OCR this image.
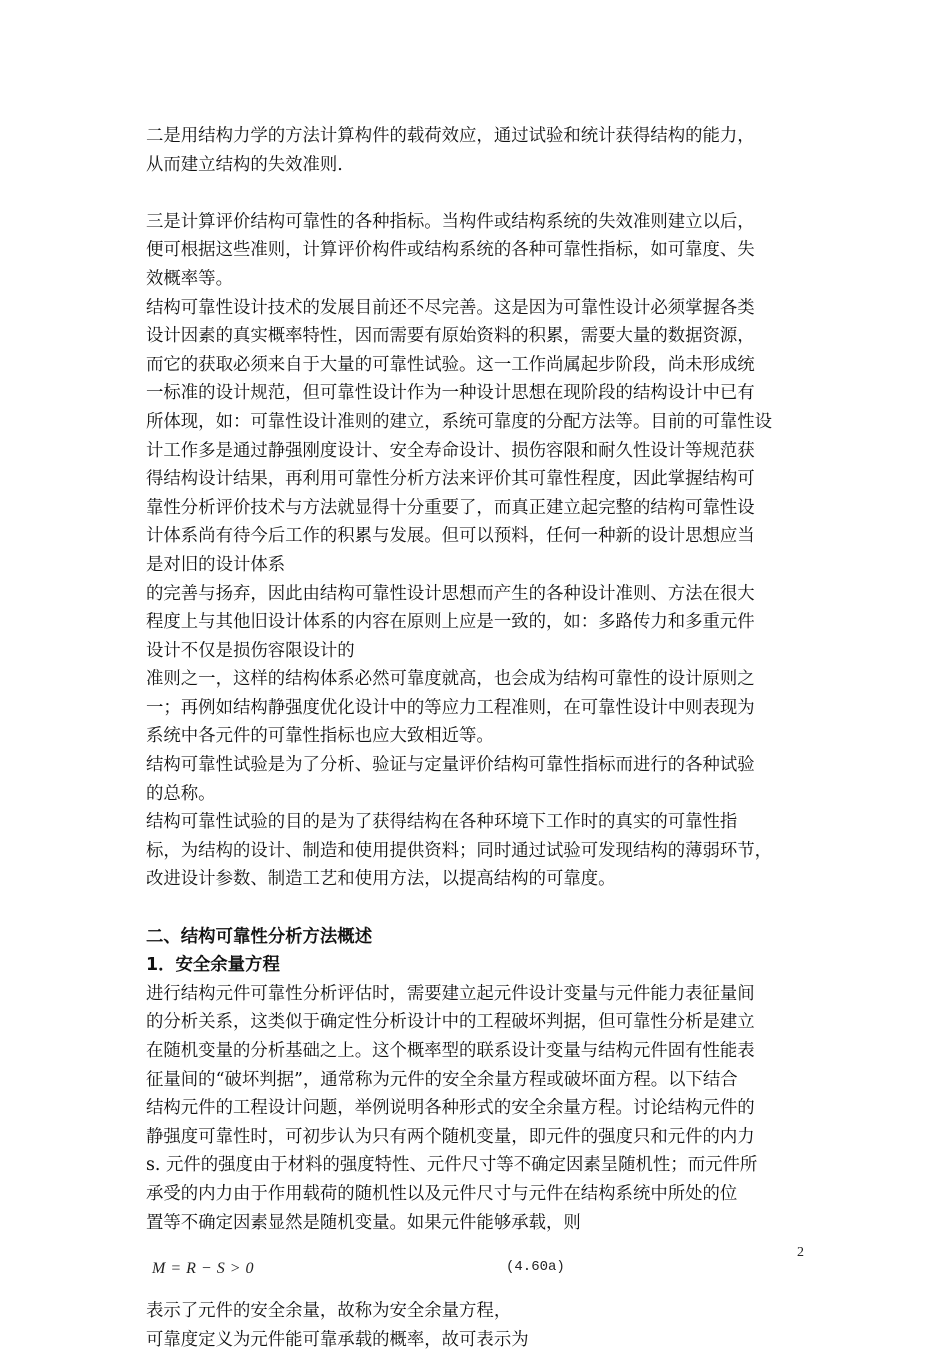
二是用结构力学的方法计算构件的载荷效应，通过试验和统计获得结构的能力，
从而建立结构的失效准则.
三是计算评价结构可靠性的各种指标。当构件或结构系统的失效准则建立以后，
便可根据这些准则，计算评价构件或结构系统的各种可靠性指标，如可靠度、失
效概率等。
结构可靠性设计技术的发展目前还不尽完善。这是因为可靠性设计必须掌握各类
设计因素的真实概率特性，因而需要有原始资料的积累，需要大量的数据资源，
而它的获取必须来自于大量的可靠性试验。这一工作尚属起步阶段，尚未形成统
一标准的设计规范，但可靠性设计作为一种设计思想在现阶段的结构设计中已有
所体现，如：可靠性设计准则的建立，系统可靠度的分配方法等。目前的可靠性设
计工作多是通过静强刚度设计、安全寿命设计、损伤容限和耐久性设计等规范获
得结构设计结果，再利用可靠性分析方法来评价其可靠性程度，因此掌握结构可
靠性分析评价技术与方法就显得十分重要了，而真正建立起完整的结构可靠性设
计体系尚有待今后工作的积累与发展。但可以预料，任何一种新的设计思想应当
是对旧的设计体系
的完善与扬弃，因此由结构可靠性设计思想而产生的各种设计准则、方法在很大
程度上与其他旧设计体系的内容在原则上应是一致的，如：多路传力和多重元件
设计不仅是损伤容限设计的
准则之一，这样的结构体系必然可靠度就高，也会成为结构可靠性的设计原则之
一；再例如结构静强度优化设计中的等应力工程准则，在可靠性设计中则表现为
系统中各元件的可靠性指标也应大致相近等。
结构可靠性试验是为了分析、验证与定量评价结构可靠性指标而进行的各种试验
的总称。
结构可靠性试验的目的是为了获得结构在各种环境下工作时的真实的可靠性指
标，为结构的设计、制造和使用提供资料；同时通过试验可发现结构的薄弱环节，
改进设计参数、制造工艺和使用方法，以提高结构的可靠度。
二、结构可靠性分析方法概述
1．安全余量方程
进行结构元件可靠性分析评估时，需要建立起元件设计变量与元件能力表征量间
的分析关系，这类似于确定性分析设计中的工程破坏判据，但可靠性分析是建立
在随机变量的分析基础之上。这个概率型的联系设计变量与结构元件固有性能表
征量间的“破坏判据”，通常称为元件的安全余量方程或破坏面方程。以下结合
结构元件的工程设计问题，举例说明各种形式的安全余量方程。讨论结构元件的
静强度可靠性时，可初步认为只有两个随机变量，即元件的强度只和元件的内力
s. 元件的强度由于材料的强度特性、元件尺寸等不确定因素呈随机性；而元件所
承受的内力由于作用载荷的随机性以及元件尺寸与元件在结构系统中所处的位
置等不确定因素显然是随机变量。如果元件能够承载，则
M = R − S > 0	(4.60a)
表示了元件的安全余量，故称为安全余量方程，
可靠度定义为元件能可靠承载的概率，故可表示为
2
